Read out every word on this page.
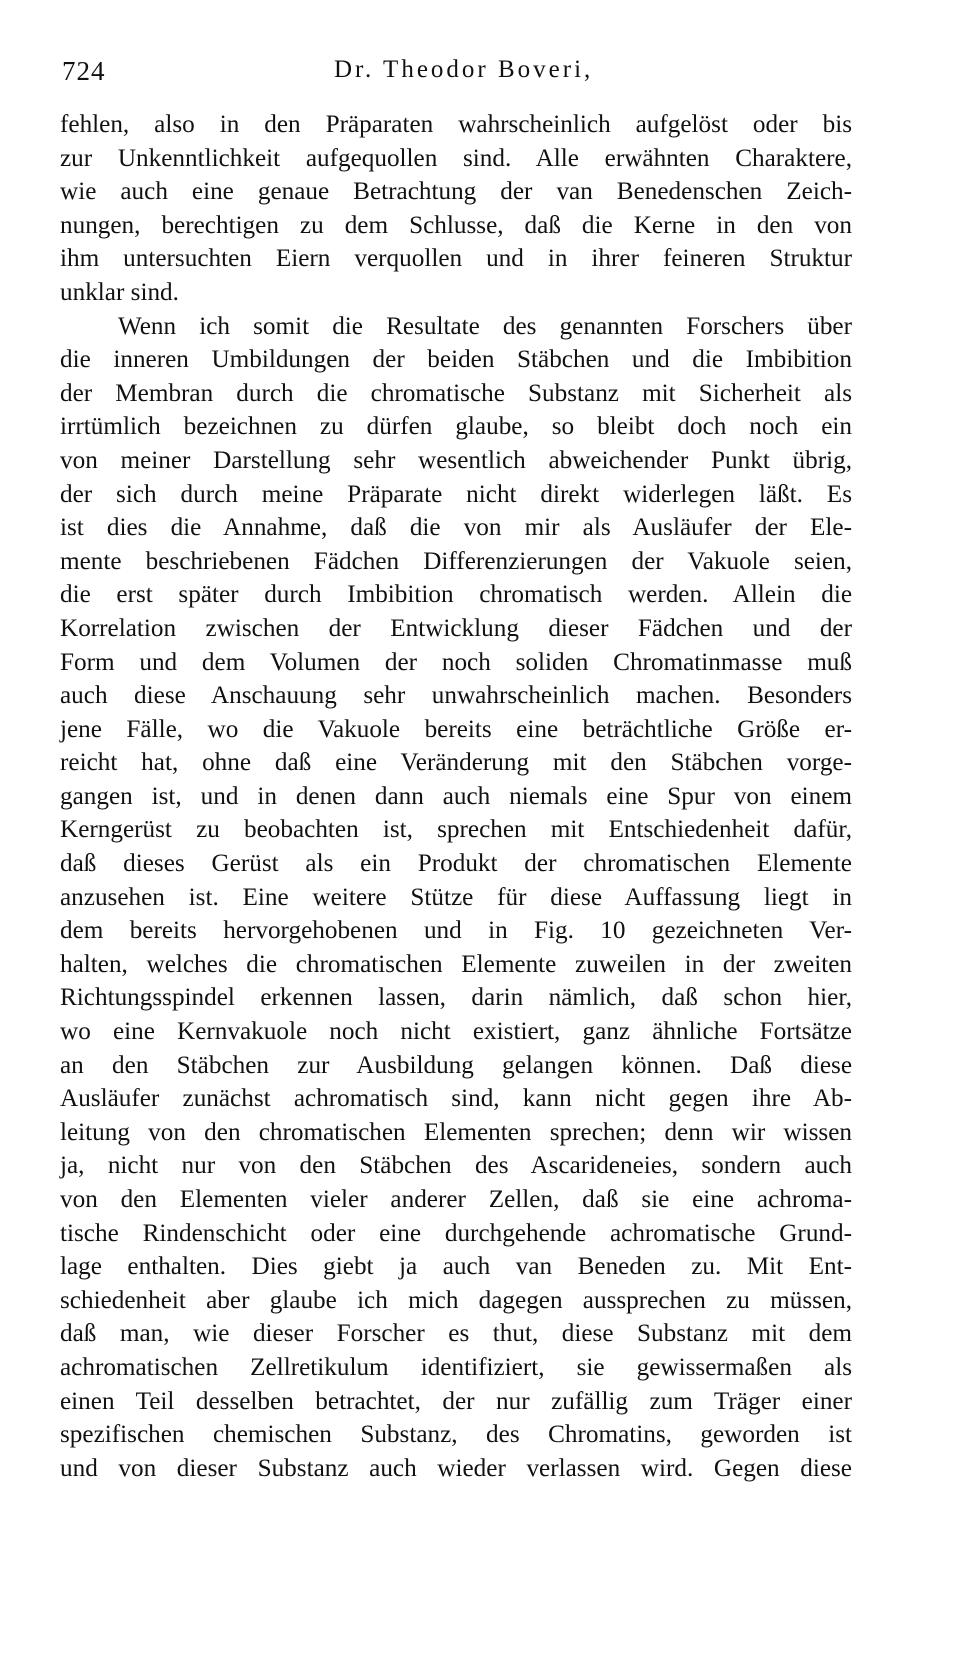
724	Dr. Theodor Boveri,
fehlen, also in den Präparaten wahrscheinlich aufgelöst oder bis
zur Unkenntlichkeit aufgequollen sind. Alle erwähnten Charaktere,
wie auch eine genaue Betrachtung der van Benedenschen Zeich-
nungen, berechtigen zu dem Schlusse, daß die Kerne in den von
ihm untersuchten Eiern verquollen und in ihrer feineren Struktur
unklar sind.
Wenn ich somit die Resultate des genannten Forschers über
die inneren Umbildungen der beiden Stäbchen und die Imbibition
der Membran durch die chromatische Substanz mit Sicherheit als
irrtümlich bezeichnen zu dürfen glaube, so bleibt doch noch ein
von meiner Darstellung sehr wesentlich abweichender Punkt übrig,
der sich durch meine Präparate nicht direkt widerlegen läßt. Es
ist dies die Annahme, daß die von mir als Ausläufer der Ele-
mente beschriebenen Fädchen Differenzierungen der Vakuole seien,
die erst später durch Imbibition chromatisch werden. Allein die
Korrelation zwischen der Entwicklung dieser Fädchen und der
Form und dem Volumen der noch soliden Chromatinmasse muß
auch diese Anschauung sehr unwahrscheinlich machen. Besonders
jene Fälle, wo die Vakuole bereits eine beträchtliche Größe er-
reicht hat, ohne daß eine Veränderung mit den Stäbchen vorge-
gangen ist, und in denen dann auch niemals eine Spur von einem
Kerngerüst zu beobachten ist, sprechen mit Entschiedenheit dafür,
daß dieses Gerüst als ein Produkt der chromatischen Elemente
anzusehen ist. Eine weitere Stütze für diese Auffassung liegt in
dem bereits hervorgehobenen und in Fig. 10 gezeichneten Ver-
halten, welches die chromatischen Elemente zuweilen in der zweiten
Richtungsspindel erkennen lassen, darin nämlich, daß schon hier,
wo eine Kernvakuole noch nicht existiert, ganz ähnliche Fortsätze
an den Stäbchen zur Ausbildung gelangen können. Daß diese
Ausläufer zunächst achromatisch sind, kann nicht gegen ihre Ab-
leitung von den chromatischen Elementen sprechen; denn wir wissen
ja, nicht nur von den Stäbchen des Ascarideneies, sondern auch
von den Elementen vieler anderer Zellen, daß sie eine achroma-
tische Rindenschicht oder eine durchgehende achromatische Grund-
lage enthalten. Dies giebt ja auch van Beneden zu. Mit Ent-
schiedenheit aber glaube ich mich dagegen aussprechen zu müssen,
daß man, wie dieser Forscher es thut, diese Substanz mit dem
achromatischen Zellretikulum identifiziert, sie gewissermaßen als
einen Teil desselben betrachtet, der nur zufällig zum Träger einer
spezifischen chemischen Substanz, des Chromatins, geworden ist
und von dieser Substanz auch wieder verlassen wird. Gegen diese
